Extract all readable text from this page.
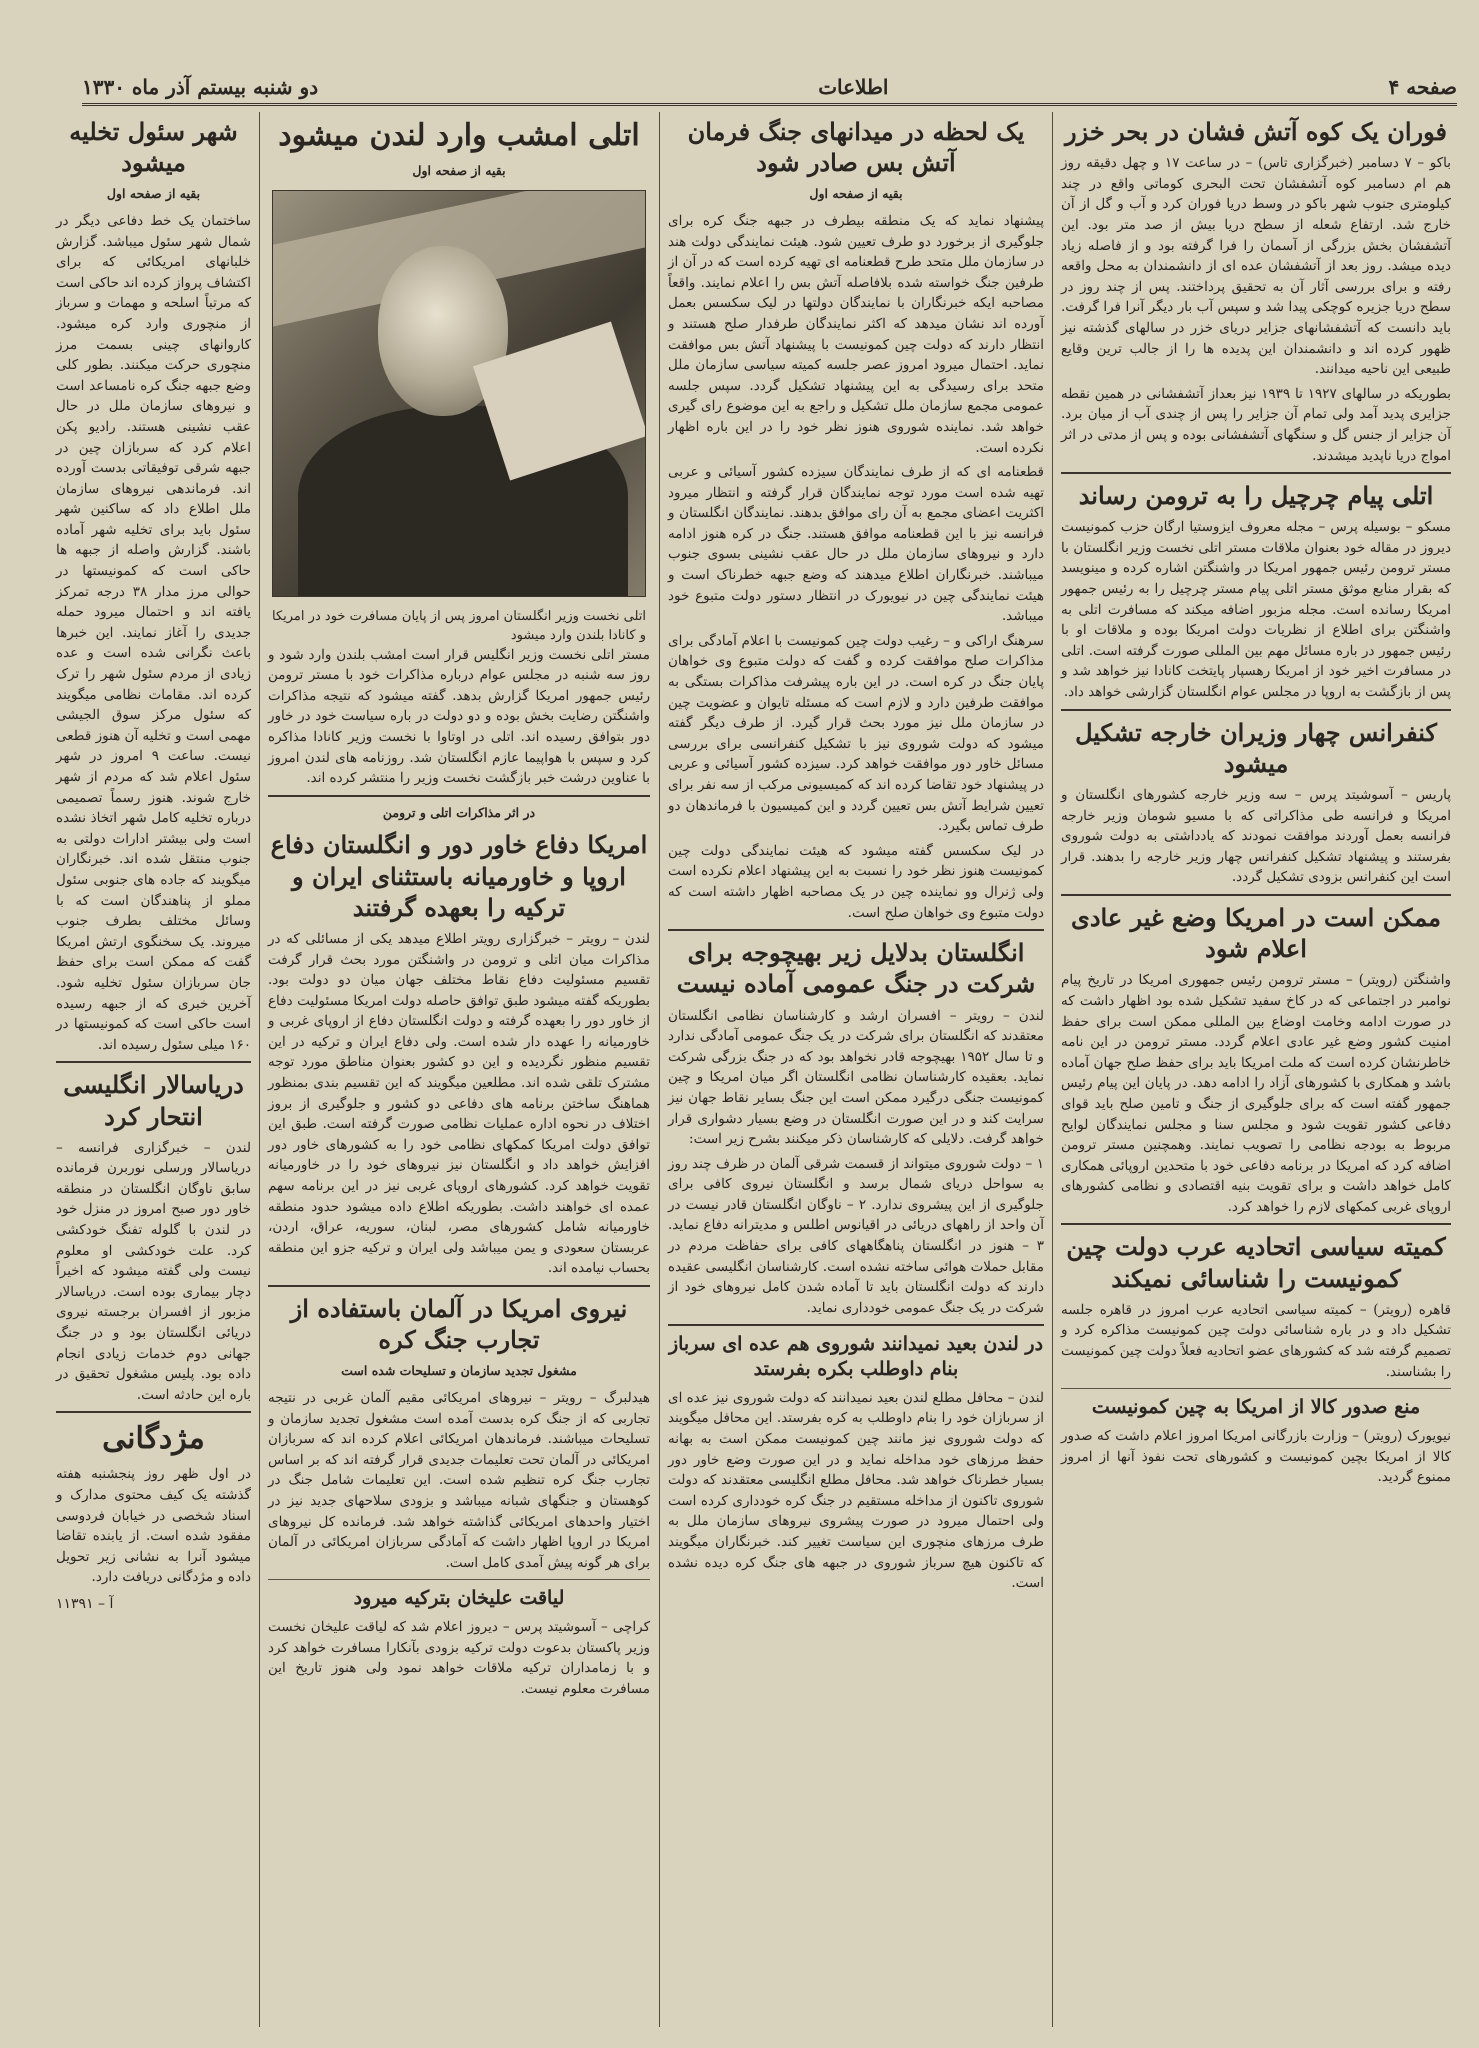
صفحه ۴
اطلاعات
دو شنبه بیستم آذر ماه ۱۳۳۰
فوران یک کوه آتش فشان در بحر خزر

باکو – ۷ دسامبر (خبرگزاری تاس) – در ساعت ۱۷ و چهل دقیقه روز هم ام دسامبر کوه آتشفشان تحت البحری کوماتی واقع در چند کیلومتری جنوب شهر باکو در وسط دریا فوران کرد و آب و گل از آن خارج شد. ارتفاع شعله از سطح دریا بیش از صد متر بود. این آتشفشان بخش بزرگی از آسمان را فرا گرفته بود و از فاصله زیاد دیده میشد. روز بعد از آتشفشان عده ای از دانشمندان به محل واقعه رفته و برای بررسی آثار آن به تحقیق پرداختند. پس از چند روز در سطح دریا جزیره کوچکی پیدا شد و سپس آب بار دیگر آنرا فرا گرفت. باید دانست که آتشفشانهای جزایر دریای خزر در سالهای گذشته نیز ظهور کرده اند و دانشمندان این پدیده ها را از جالب ترین وقایع طبیعی این ناحیه میدانند.

بطوریکه در سالهای ۱۹۲۷ تا ۱۹۳۹ نیز بعداز آتشفشانی در همین نقطه جزایری پدید آمد ولی تمام آن جزایر را پس از چندی آب از میان برد. آن جزایر از جنس گل و سنگهای آتشفشانی بوده و پس از مدتی در اثر امواج دریا ناپدید میشدند.

اتلی پیام چرچیل را به ترومن رساند

مسکو – بوسیله پرس – مجله معروف ایزوستیا ارگان حزب کمونیست دیروز در مقاله خود بعنوان ملاقات مستر اتلی نخست وزیر انگلستان با مستر ترومن رئیس جمهور امریکا در واشنگتن اشاره کرده و مینویسد که بقرار منابع موثق مستر اتلی پیام مستر چرچیل را به رئیس جمهور امریکا رسانده است. مجله مزبور اضافه میکند که مسافرت اتلی به واشنگتن برای اطلاع از نظریات دولت امریکا بوده و ملاقات او با رئیس جمهور در باره مسائل مهم بین المللی صورت گرفته است. اتلی در مسافرت اخیر خود از امریکا رهسپار پایتخت کانادا نیز خواهد شد و پس از بازگشت به اروپا در مجلس عوام انگلستان گزارشی خواهد داد.

کنفرانس چهار وزیران خارجه تشکیل میشود

پاریس – آسوشیتد پرس – سه وزیر خارجه کشورهای انگلستان و امریکا و فرانسه طی مذاکراتی که با مسیو شومان وزیر خارجه فرانسه بعمل آوردند موافقت نمودند که یادداشتی به دولت شوروی بفرستند و پیشنهاد تشکیل کنفرانس چهار وزیر خارجه را بدهند. قرار است این کنفرانس بزودی تشکیل گردد.

ممکن است در امریکا وضع غیر عادی اعلام شود

واشنگتن (رویتر) – مستر ترومن رئیس جمهوری امریکا در تاریخ پیام نوامبر در اجتماعی که در کاخ سفید تشکیل شده بود اظهار داشت که در صورت ادامه وخامت اوضاع بین المللی ممکن است برای حفظ امنیت کشور وضع غیر عادی اعلام گردد. مستر ترومن در این نامه خاطرنشان کرده است که ملت امریکا باید برای حفظ صلح جهان آماده باشد و همکاری با کشورهای آزاد را ادامه دهد. در پایان این پیام رئیس جمهور گفته است که برای جلوگیری از جنگ و تامین صلح باید قوای دفاعی کشور تقویت شود و مجلس سنا و مجلس نمایندگان لوایح مربوط به بودجه نظامی را تصویب نمایند. وهمچنین مستر ترومن اضافه کرد که امریکا در برنامه دفاعی خود با متحدین اروپائی همکاری کامل خواهد داشت و برای تقویت بنیه اقتصادی و نظامی کشورهای اروپای غربی کمکهای لازم را خواهد کرد.

کمیته سیاسی اتحادیه عرب دولت چین کمونیست را شناسائی نمیکند

قاهره (رویتر) – کمیته سیاسی اتحادیه عرب امروز در قاهره جلسه تشکیل داد و در باره شناسائی دولت چین کمونیست مذاکره کرد و تصمیم گرفته شد که کشورهای عضو اتحادیه فعلاً دولت چین کمونیست را بشناسند.

منع صدور کالا از امریکا به چین کمونیست

نیویورک (رویتر) – وزارت بازرگانی امریکا امروز اعلام داشت که صدور کالا از امریکا بچین کمونیست و کشورهای تحت نفوذ آنها از امروز ممنوع گردید.

یک لحظه در میدانهای جنگ فرمان آتش بس صادر شود
بقیه از صفحه اول

پیشنهاد نماید که یک منطقه بیطرف در جبهه جنگ کره برای جلوگیری از برخورد دو طرف تعیین شود. هیئت نمایندگی دولت هند در سازمان ملل متحد طرح قطعنامه ای تهیه کرده است که در آن از طرفین جنگ خواسته شده بلافاصله آتش بس را اعلام نمایند. واقعاً مصاحبه ایکه خبرنگاران با نمایندگان دولتها در لیک سکسس بعمل آورده اند نشان میدهد که اکثر نمایندگان طرفدار صلح هستند و انتظار دارند که دولت چین کمونیست با پیشنهاد آتش بس موافقت نماید. احتمال میرود امروز عصر جلسه کمیته سیاسی سازمان ملل متحد برای رسیدگی به این پیشنهاد تشکیل گردد. سپس جلسه عمومی مجمع سازمان ملل تشکیل و راجع به این موضوع رای گیری خواهد شد. نماینده شوروی هنوز نظر خود را در این باره اظهار نکرده است.

قطعنامه ای که از طرف نمایندگان سیزده کشور آسیائی و عربی تهیه شده است مورد توجه نمایندگان قرار گرفته و انتظار میرود اکثریت اعضای مجمع به آن رای موافق بدهند. نمایندگان انگلستان و فرانسه نیز با این قطعنامه موافق هستند. جنگ در کره هنوز ادامه دارد و نیروهای سازمان ملل در حال عقب نشینی بسوی جنوب میباشند. خبرنگاران اطلاع میدهند که وضع جبهه خطرناک است و هیئت نمایندگی چین در نیویورک در انتظار دستور دولت متبوع خود میباشد.

سرهنگ اراکی و – رغیب دولت چین کمونیست با اعلام آمادگی برای مذاکرات صلح موافقت کرده و گفت که دولت متبوع وی خواهان پایان جنگ در کره است. در این باره پیشرفت مذاکرات بستگی به موافقت طرفین دارد و لازم است که مسئله تایوان و عضویت چین در سازمان ملل نیز مورد بحث قرار گیرد. از طرف دیگر گفته میشود که دولت شوروی نیز با تشکیل کنفرانسی برای بررسی مسائل خاور دور موافقت خواهد کرد. سیزده کشور آسیائی و عربی در پیشنهاد خود تقاضا کرده اند که کمیسیونی مرکب از سه نفر برای تعیین شرایط آتش بس تعیین گردد و این کمیسیون با فرماندهان دو طرف تماس بگیرد.

در لیک سکسس گفته میشود که هیئت نمایندگی دولت چین کمونیست هنوز نظر خود را نسبت به این پیشنهاد اعلام نکرده است ولی ژنرال وو نماینده چین در یک مصاحبه اظهار داشته است که دولت متبوع وی خواهان صلح است.

انگلستان بدلایل زیر بهیچوجه برای شرکت در جنگ عمومی آماده نیست

لندن – رویتر – افسران ارشد و کارشناسان نظامی انگلستان معتقدند که انگلستان برای شرکت در یک جنگ عمومی آمادگی ندارد و تا سال ۱۹۵۲ بهیچوجه قادر نخواهد بود که در جنگ بزرگی شرکت نماید. بعقیده کارشناسان نظامی انگلستان اگر میان امریکا و چین کمونیست جنگی درگیرد ممکن است این جنگ بسایر نقاط جهان نیز سرایت کند و در این صورت انگلستان در وضع بسیار دشواری قرار خواهد گرفت. دلایلی که کارشناسان ذکر میکنند بشرح زیر است:

۱ – دولت شوروی میتواند از قسمت شرقی آلمان در ظرف چند روز به سواحل دریای شمال برسد و انگلستان نیروی کافی برای جلوگیری از این پیشروی ندارد. ۲ – ناوگان انگلستان قادر نیست در آن واحد از راههای دریائی در اقیانوس اطلس و مدیترانه دفاع نماید. ۳ – هنوز در انگلستان پناهگاههای کافی برای حفاظت مردم در مقابل حملات هوائی ساخته نشده است. کارشناسان انگلیسی عقیده دارند که دولت انگلستان باید تا آماده شدن کامل نیروهای خود از شرکت در یک جنگ عمومی خودداری نماید.

در لندن بعید نمیدانند شوروی هم عده ای سرباز بنام داوطلب بکره بفرستد

لندن – محافل مطلع لندن بعید نمیدانند که دولت شوروی نیز عده ای از سربازان خود را بنام داوطلب به کره بفرستد. این محافل میگویند که دولت شوروی نیز مانند چین کمونیست ممکن است به بهانه حفظ مرزهای خود مداخله نماید و در این صورت وضع خاور دور بسیار خطرناک خواهد شد. محافل مطلع انگلیسی معتقدند که دولت شوروی تاکنون از مداخله مستقیم در جنگ کره خودداری کرده است ولی احتمال میرود در صورت پیشروی نیروهای سازمان ملل به طرف مرزهای منچوری این سیاست تغییر کند. خبرنگاران میگویند که تاکنون هیچ سرباز شوروی در جبهه های جنگ کره دیده نشده است.

اتلی امشب وارد لندن میشود
بقیه از صفحه اول
اتلی نخست وزیر انگلستان امروز پس از پایان مسافرت خود در امریکا و کانادا بلندن وارد میشود

مستر اتلی نخست وزیر انگلیس قرار است امشب بلندن وارد شود و روز سه شنبه در مجلس عوام درباره مذاکرات خود با مستر ترومن رئیس جمهور امریکا گزارش بدهد. گفته میشود که نتیجه مذاکرات واشنگتن رضایت بخش بوده و دو دولت در باره سیاست خود در خاور دور بتوافق رسیده اند. اتلی در اوتاوا با نخست وزیر کانادا مذاکره کرد و سپس با هواپیما عازم انگلستان شد. روزنامه های لندن امروز با عناوین درشت خبر بازگشت نخست وزیر را منتشر کرده اند.

در اثر مذاکرات اتلی و ترومن
امریکا دفاع خاور دور و انگلستان دفاع اروپا و خاورمیانه باستثنای ایران و ترکیه را بعهده گرفتند

لندن – رویتر – خبرگزاری رویتر اطلاع میدهد یکی از مسائلی که در مذاکرات میان اتلی و ترومن در واشنگتن مورد بحث قرار گرفت تقسیم مسئولیت دفاع نقاط مختلف جهان میان دو دولت بود. بطوریکه گفته میشود طبق توافق حاصله دولت امریکا مسئولیت دفاع از خاور دور را بعهده گرفته و دولت انگلستان دفاع از اروپای غربی و خاورمیانه را عهده دار شده است. ولی دفاع ایران و ترکیه در این تقسیم منظور نگردیده و این دو کشور بعنوان مناطق مورد توجه مشترک تلقی شده اند. مطلعین میگویند که این تقسیم بندی بمنظور هماهنگ ساختن برنامه های دفاعی دو کشور و جلوگیری از بروز اختلاف در نحوه اداره عملیات نظامی صورت گرفته است. طبق این توافق دولت امریکا کمکهای نظامی خود را به کشورهای خاور دور افزایش خواهد داد و انگلستان نیز نیروهای خود را در خاورمیانه تقویت خواهد کرد. کشورهای اروپای غربی نیز در این برنامه سهم عمده ای خواهند داشت. بطوریکه اطلاع داده میشود حدود منطقه خاورمیانه شامل کشورهای مصر، لبنان، سوریه، عراق، اردن، عربستان سعودی و یمن میباشد ولی ایران و ترکیه جزو این منطقه بحساب نیامده اند.

نیروی امریکا در آلمان باستفاده از تجارب جنگ کره
مشغول تجدید سازمان و تسلیحات شده است

هیدلبرگ – رویتر – نیروهای امریکائی مقیم آلمان غربی در نتیجه تجاربی که از جنگ کره بدست آمده است مشغول تجدید سازمان و تسلیحات میباشند. فرماندهان امریکائی اعلام کرده اند که سربازان امریکائی در آلمان تحت تعلیمات جدیدی قرار گرفته اند که بر اساس تجارب جنگ کره تنظیم شده است. این تعلیمات شامل جنگ در کوهستان و جنگهای شبانه میباشد و بزودی سلاحهای جدید نیز در اختیار واحدهای امریکائی گذاشته خواهد شد. فرمانده کل نیروهای امریکا در اروپا اظهار داشت که آمادگی سربازان امریکائی در آلمان برای هر گونه پیش آمدی کامل است.

لیاقت علیخان بترکیه میرود

کراچی – آسوشیتد پرس – دیروز اعلام شد که لیاقت علیخان نخست وزیر پاکستان بدعوت دولت ترکیه بزودی بآنکارا مسافرت خواهد کرد و با زمامداران ترکیه ملاقات خواهد نمود ولی هنوز تاریخ این مسافرت معلوم نیست.

شهر سئول تخلیه میشود
بقیه از صفحه اول

ساختمان یک خط دفاعی دیگر در شمال شهر سئول میباشد. گزارش خلبانهای امریکائی که برای اکتشاف پرواز کرده اند حاکی است که مرتباً اسلحه و مهمات و سرباز از منچوری وارد کره میشود. کاروانهای چینی بسمت مرز منچوری حرکت میکنند. بطور کلی وضع جبهه جنگ کره نامساعد است و نیروهای سازمان ملل در حال عقب نشینی هستند. رادیو پکن اعلام کرد که سربازان چین در جبهه شرقی توفیقاتی بدست آورده اند. فرماندهی نیروهای سازمان ملل اطلاع داد که ساکنین شهر سئول باید برای تخلیه شهر آماده باشند. گزارش واصله از جبهه ها حاکی است که کمونیستها در حوالی مرز مدار ۳۸ درجه تمرکز یافته اند و احتمال میرود حمله جدیدی را آغاز نمایند. این خبرها باعث نگرانی شده است و عده زیادی از مردم سئول شهر را ترک کرده اند. مقامات نظامی میگویند که سئول مرکز سوق الجیشی مهمی است و تخلیه آن هنوز قطعی نیست. ساعت ۹ امروز در شهر سئول اعلام شد که مردم از شهر خارج شوند. هنوز رسماً تصمیمی درباره تخلیه کامل شهر اتخاذ نشده است ولی بیشتر ادارات دولتی به جنوب منتقل شده اند. خبرنگاران میگویند که جاده های جنوبی سئول مملو از پناهندگان است که با وسائل مختلف بطرف جنوب میروند. یک سخنگوی ارتش امریکا گفت که ممکن است برای حفظ جان سربازان سئول تخلیه شود. آخرین خبری که از جبهه رسیده است حاکی است که کمونیستها در ۱۶۰ میلی سئول رسیده اند.

دریاسالار انگلیسی انتحار کرد

لندن – خبرگزاری فرانسه – دریاسالار ورسلی نوربرن فرمانده سابق ناوگان انگلستان در منطقه خاور دور صبح امروز در منزل خود در لندن با گلوله تفنگ خودکشی کرد. علت خودکشی او معلوم نیست ولی گفته میشود که اخیراً دچار بیماری بوده است. دریاسالار مزبور از افسران برجسته نیروی دریائی انگلستان بود و در جنگ جهانی دوم خدمات زیادی انجام داده بود. پلیس مشغول تحقیق در باره این حادثه است.

مژدگانی

در اول ظهر روز پنجشنبه هفته گذشته یک کیف محتوی مدارک و اسناد شخصی در خیابان فردوسی مفقود شده است. از یابنده تقاضا میشود آنرا به نشانی زیر تحویل داده و مژدگانی دریافت دارد.

آ – ۱۱۳۹۱
